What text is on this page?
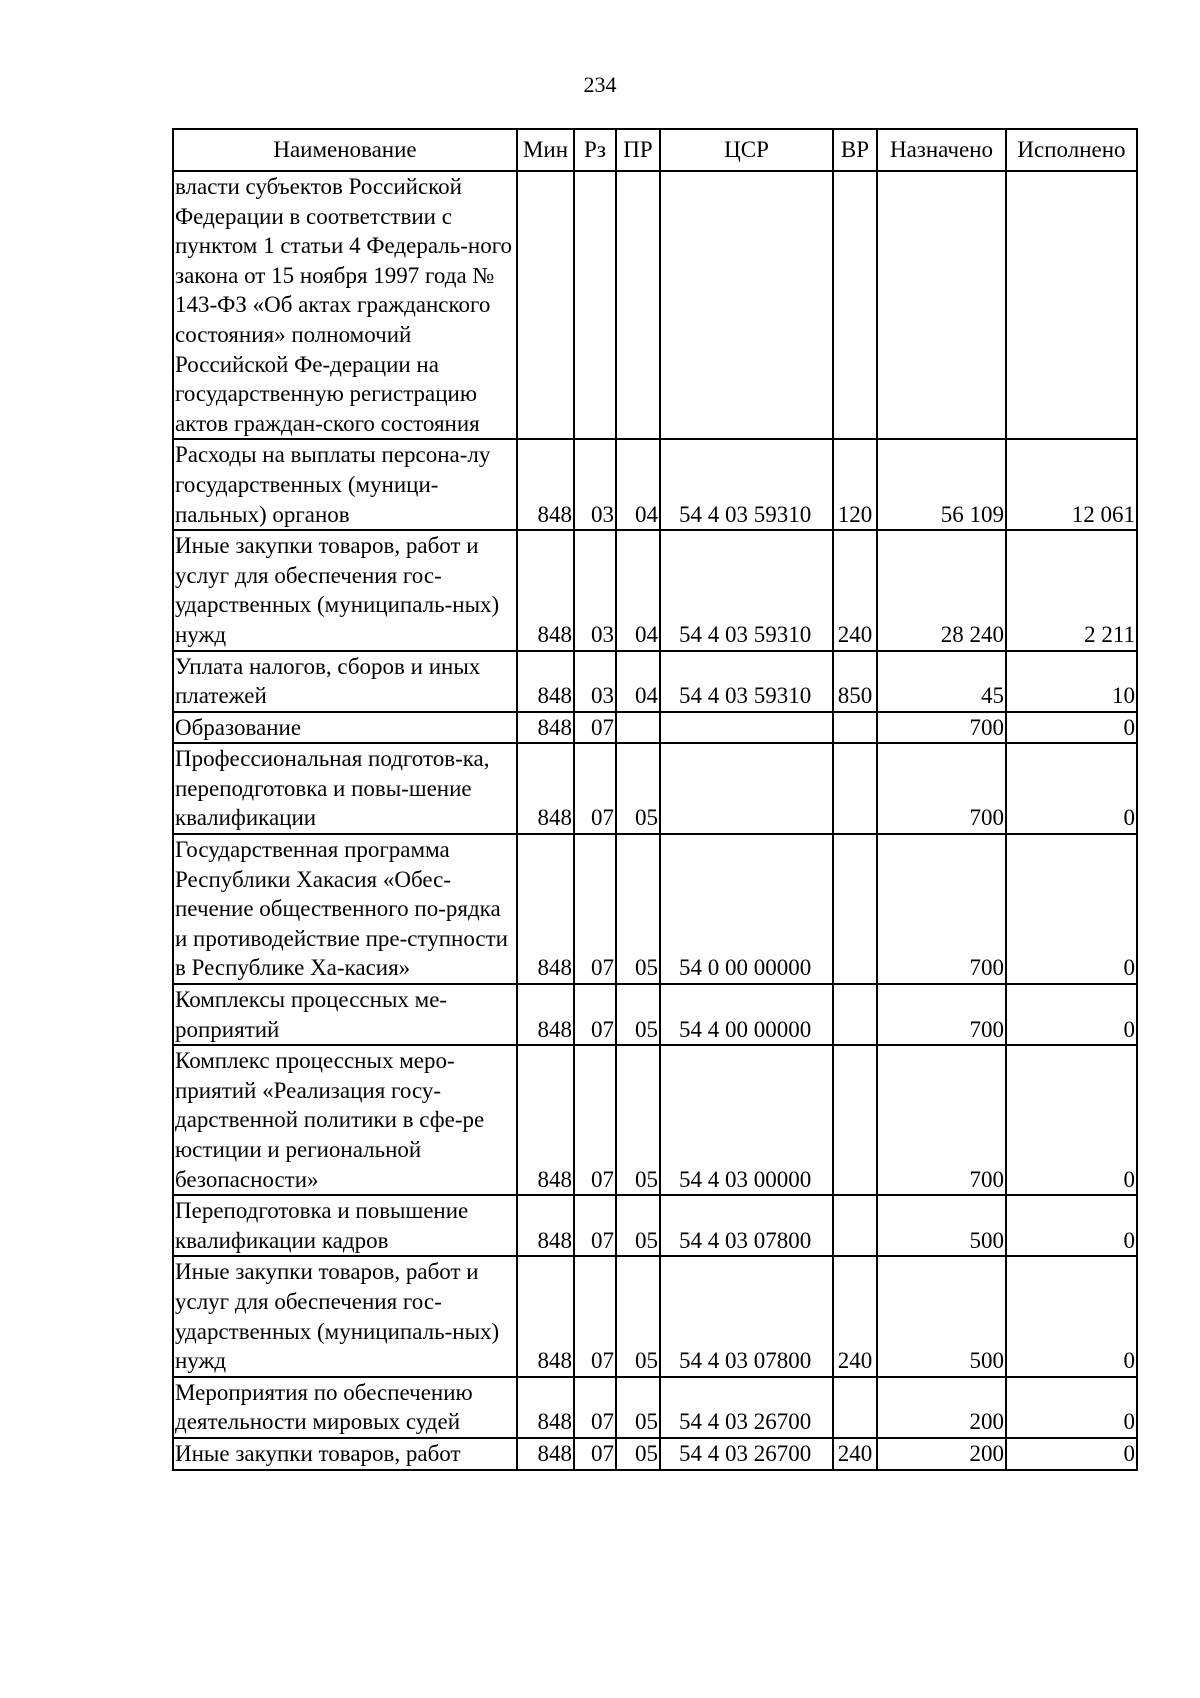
234
Наименование	Мин	Рз	ПР	ЦСР	ВР	Назначено	Исполнено
власти субъектов Российской Федерации в соответствии с пунктом 1 статьи 4 Федераль-ного закона от 15 ноября 1997 года № 143-ФЗ «Об актах гражданского состояния» полномочий Российской Фе-дерации на государственную регистрацию актов граждан-ского состояния							
Расходы на выплаты персона-лу государственных (муници-пальных) органов	848	03	04	54 4 03 59310	120	56 109	12 061
Иные закупки товаров, работ и услуг для обеспечения гос-ударственных (муниципаль-ных) нужд	848	03	04	54 4 03 59310	240	28 240	2 211
Уплата налогов, сборов и иных платежей	848	03	04	54 4 03 59310	850	45	10
Образование	848	07				700	0
Профессиональная подготов-ка, переподготовка и повы-шение квалификации	848	07	05			700	0
Государственная программа Республики Хакасия «Обес-печение общественного по-рядка и противодействие пре-ступности в Республике Ха-касия»	848	07	05	54 0 00 00000		700	0
Комплексы процессных ме-роприятий	848	07	05	54 4 00 00000		700	0
Комплекс процессных меро-приятий «Реализация госу-дарственной политики в сфе-ре юстиции и региональной безопасности»	848	07	05	54 4 03 00000		700	0
Переподготовка и повышение квалификации кадров	848	07	05	54 4 03 07800		500	0
Иные закупки товаров, работ и услуг для обеспечения гос-ударственных (муниципаль-ных) нужд	848	07	05	54 4 03 07800	240	500	0
Мероприятия по обеспечению деятельности мировых судей	848	07	05	54 4 03 26700		200	0
Иные закупки товаров, работ	848	07	05	54 4 03 26700	240	200	0
